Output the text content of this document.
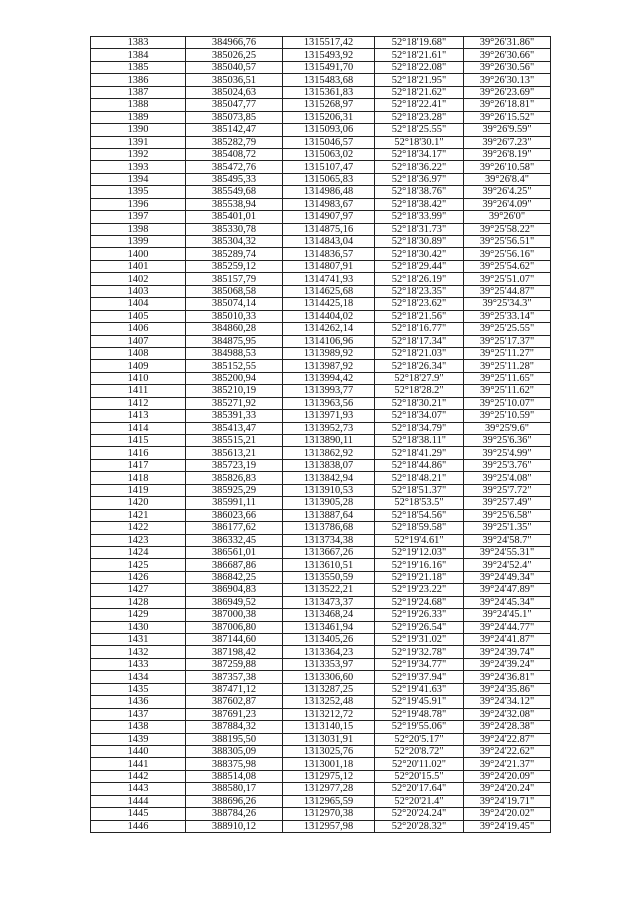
1383	384966,76	1315517,42	52°18'19.68"	39°26'31.86"
1384	385026,25	1315493,92	52°18'21.61"	39°26'30.66"
1385	385040,57	1315491,70	52°18'22.08"	39°26'30.56"
1386	385036,51	1315483,68	52°18'21.95"	39°26'30.13"
1387	385024,63	1315361,83	52°18'21.62"	39°26'23.69"
1388	385047,77	1315268,97	52°18'22.41"	39°26'18.81"
1389	385073,85	1315206,31	52°18'23.28"	39°26'15.52"
1390	385142,47	1315093,06	52°18'25.55"	39°26'9.59"
1391	385282,79	1315046,57	52°18'30.1"	39°26'7.23"
1392	385408,72	1315063,02	52°18'34.17"	39°26'8.19"
1393	385472,76	1315107,47	52°18'36.22"	39°26'10.58"
1394	385495,33	1315065,83	52°18'36.97"	39°26'8.4"
1395	385549,68	1314986,48	52°18'38.76"	39°26'4.25"
1396	385538,94	1314983,67	52°18'38.42"	39°26'4.09"
1397	385401,01	1314907,97	52°18'33.99"	39°26'0"
1398	385330,78	1314875,16	52°18'31.73"	39°25'58.22"
1399	385304,32	1314843,04	52°18'30.89"	39°25'56.51"
1400	385289,74	1314836,57	52°18'30.42"	39°25'56.16"
1401	385259,12	1314807,91	52°18'29.44"	39°25'54.62"
1402	385157,79	1314741,93	52°18'26.19"	39°25'51.07"
1403	385068,58	1314625,68	52°18'23.35"	39°25'44.87"
1404	385074,14	1314425,18	52°18'23.62"	39°25'34.3"
1405	385010,33	1314404,02	52°18'21.56"	39°25'33.14"
1406	384860,28	1314262,14	52°18'16.77"	39°25'25.55"
1407	384875,95	1314106,96	52°18'17.34"	39°25'17.37"
1408	384988,53	1313989,92	52°18'21.03"	39°25'11.27"
1409	385152,55	1313987,92	52°18'26.34"	39°25'11.28"
1410	385200,94	1313994,42	52°18'27.9"	39°25'11.65"
1411	385210,19	1313993,77	52°18'28.2"	39°25'11.62"
1412	385271,92	1313963,56	52°18'30.21"	39°25'10.07"
1413	385391,33	1313971,93	52°18'34.07"	39°25'10.59"
1414	385413,47	1313952,73	52°18'34.79"	39°25'9.6"
1415	385515,21	1313890,11	52°18'38.11"	39°25'6.36"
1416	385613,21	1313862,92	52°18'41.29"	39°25'4.99"
1417	385723,19	1313838,07	52°18'44.86"	39°25'3.76"
1418	385826,83	1313842,94	52°18'48.21"	39°25'4.08"
1419	385925,29	1313910,53	52°18'51.37"	39°25'7.72"
1420	385991,11	1313905,28	52°18'53.5"	39°25'7.49"
1421	386023,66	1313887,64	52°18'54.56"	39°25'6.58"
1422	386177,62	1313786,68	52°18'59.58"	39°25'1.35"
1423	386332,45	1313734,38	52°19'4.61"	39°24'58.7"
1424	386561,01	1313667,26	52°19'12.03"	39°24'55.31"
1425	386687,86	1313610,51	52°19'16.16"	39°24'52.4"
1426	386842,25	1313550,59	52°19'21.18"	39°24'49.34"
1427	386904,83	1313522,21	52°19'23.22"	39°24'47.89"
1428	386949,52	1313473,37	52°19'24.68"	39°24'45.34"
1429	387000,38	1313468,24	52°19'26.33"	39°24'45.1"
1430	387006,80	1313461,94	52°19'26.54"	39°24'44.77"
1431	387144,60	1313405,26	52°19'31.02"	39°24'41.87"
1432	387198,42	1313364,23	52°19'32.78"	39°24'39.74"
1433	387259,88	1313353,97	52°19'34.77"	39°24'39.24"
1434	387357,38	1313306,60	52°19'37.94"	39°24'36.81"
1435	387471,12	1313287,25	52°19'41.63"	39°24'35.86"
1436	387602,87	1313252,48	52°19'45.91"	39°24'34.12"
1437	387691,23	1313212,72	52°19'48.78"	39°24'32.08"
1438	387884,32	1313140,15	52°19'55.06"	39°24'28.38"
1439	388195,50	1313031,91	52°20'5.17"	39°24'22.87"
1440	388305,09	1313025,76	52°20'8.72"	39°24'22.62"
1441	388375,98	1313001,18	52°20'11.02"	39°24'21.37"
1442	388514,08	1312975,12	52°20'15.5"	39°24'20.09"
1443	388580,17	1312977,28	52°20'17.64"	39°24'20.24"
1444	388696,26	1312965,59	52°20'21.4"	39°24'19.71"
1445	388784,26	1312970,38	52°20'24.24"	39°24'20.02"
1446	388910,12	1312957,98	52°20'28.32"	39°24'19.45"
